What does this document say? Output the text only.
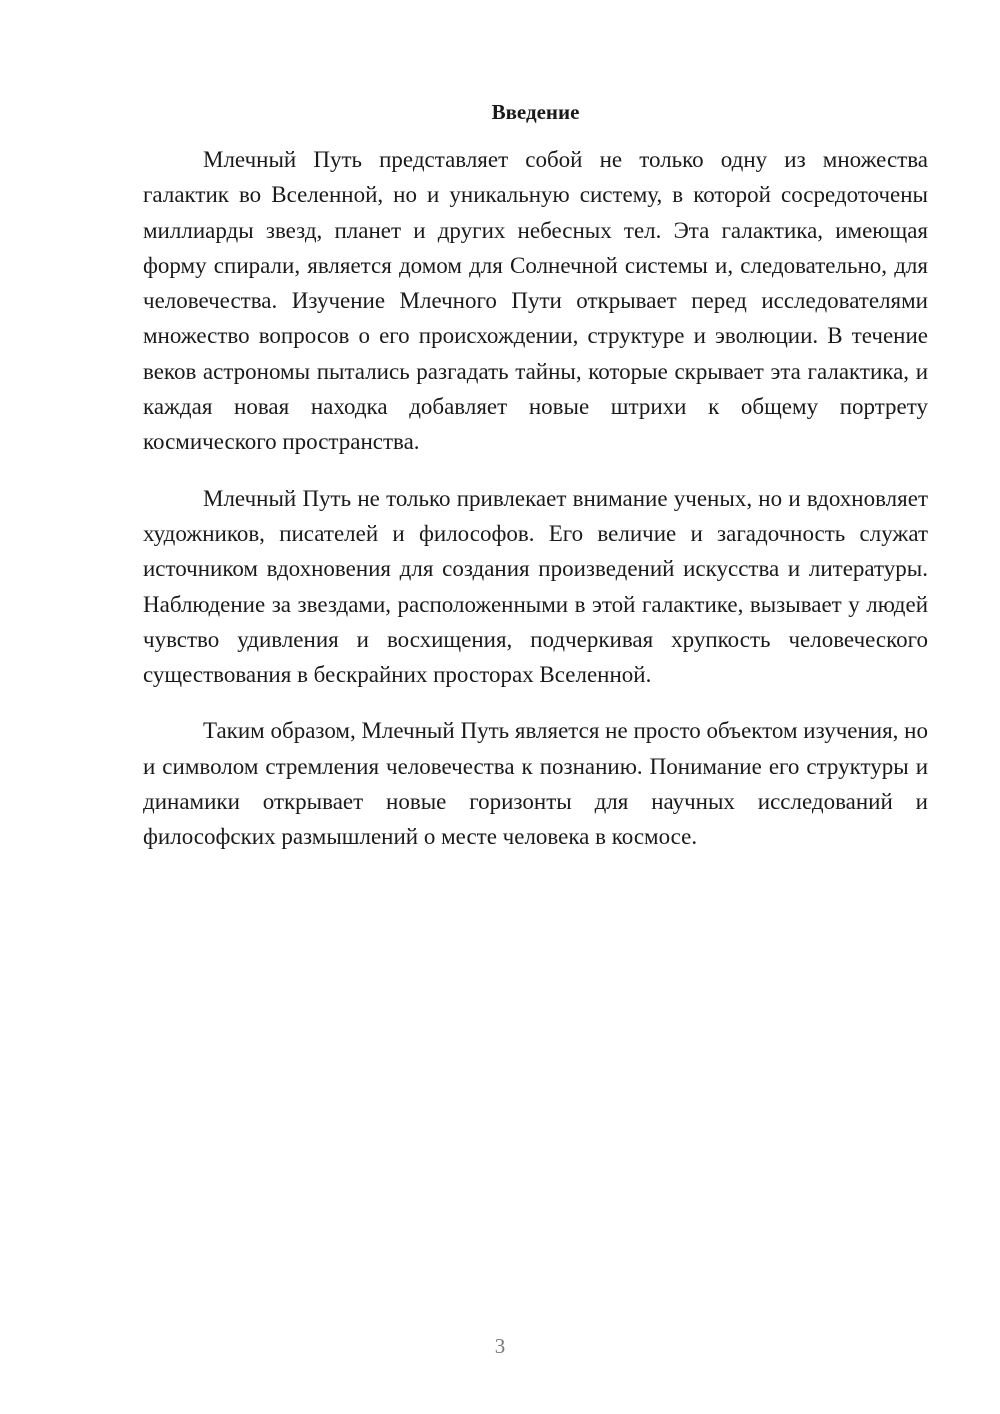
Введение

Млечный Путь представляет собой не только одну из множества галактик во Вселенной, но и уникальную систему, в которой сосредоточены миллиарды звезд, планет и других небесных тел. Эта галактика, имеющая форму спирали, является домом для Солнечной системы и, следовательно, для человечества. Изучение Млечного Пути открывает перед исследователями множество вопросов о его происхождении, структуре и эволюции. В течение веков астрономы пытались разгадать тайны, которые скрывает эта галактика, и каждая новая находка добавляет новые штрихи к общему портрету космического пространства.

Млечный Путь не только привлекает внимание ученых, но и вдохновляет художников, писателей и философов. Его величие и загадочность служат источником вдохновения для создания произведений искусства и литературы. Наблюдение за звездами, расположенными в этой галактике, вызывает у людей чувство удивления и восхищения, подчеркивая хрупкость человеческого существования в бескрайних просторах Вселенной.

Таким образом, Млечный Путь является не просто объектом изучения, но и символом стремления человечества к познанию. Понимание его структуры и динамики открывает новые горизонты для научных исследований и философских размышлений о месте человека в космосе.

3
